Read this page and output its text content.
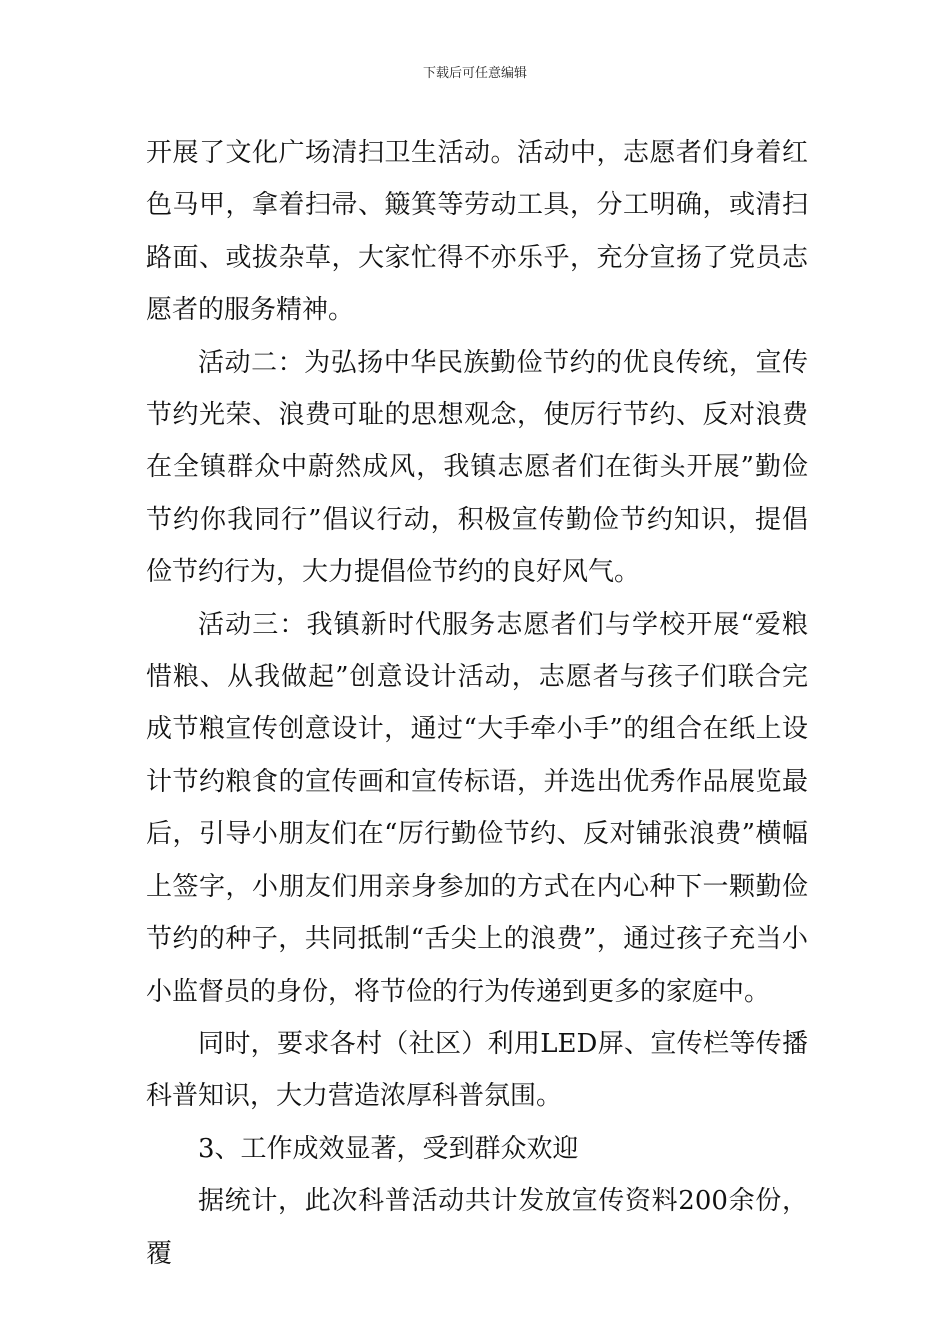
下载后可任意编辑

开展了文化广场清扫卫生活动。活动中，志愿者们身着红色马甲，拿着扫帚、簸箕等劳动工具，分工明确，或清扫路面、或拔杂草，大家忙得不亦乐乎，充分宣扬了党员志愿者的服务精神。

活动二：为弘扬中华民族勤俭节约的优良传统，宣传节约光荣、浪费可耻的思想观念，使厉行节约、反对浪费在全镇群众中蔚然成风，我镇志愿者们在街头开展”勤俭节约你我同行”倡议行动，积极宣传勤俭节约知识，提倡俭节约行为，大力提倡俭节约的良好风气。

活动三：我镇新时代服务志愿者们与学校开展“爱粮惜粮、从我做起”创意设计活动，志愿者与孩子们联合完成节粮宣传创意设计，通过“大手牵小手”的组合在纸上设计节约粮食的宣传画和宣传标语，并选出优秀作品展览最后，引导小朋友们在“厉行勤俭节约、反对铺张浪费”横幅上签字，小朋友们用亲身参加的方式在内心种下一颗勤俭节约的种子，共同抵制“舌尖上的浪费”，通过孩子充当小小监督员的身份，将节俭的行为传递到更多的家庭中。

同时，要求各村（社区）利用LED屏、宣传栏等传播科普知识，大力营造浓厚科普氛围。

3、工作成效显著，受到群众欢迎

据统计，此次科普活动共计发放宣传资料200余份，覆
